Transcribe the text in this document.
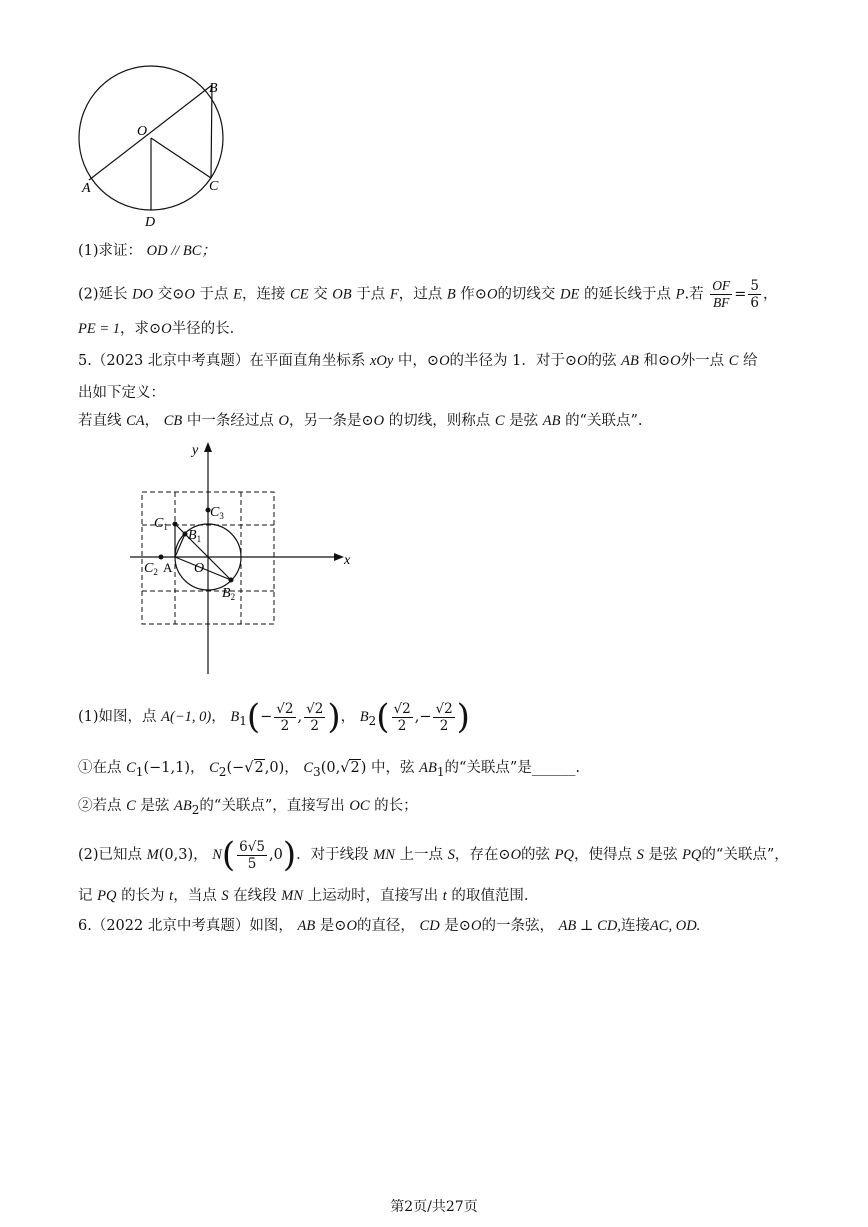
B
O
A	C
D
(1)求证： OD // BC；
(2)延长 DO 交⊙O 于点 E，连接 CE 交 OB 于点 F，过点 B 作⊙O的切线交 DE 的延长线于点 P.若 $\frac{OF}{BF} = \frac{5}{6}$ ，
PE = 1，求⊙O半径的长.
5.（2023 北京中考真题）在平面直角坐标系 xOy 中，⊙O的半径为 1．对于⊙O的弦 AB 和⊙O外一点 C 给
出如下定义：
若直线 CA， CB 中一条经过点 O，另一条是⊙O 的切线，则称点 C 是弦 AB 的“关联点”.
y
x
O
A
$C_1$
$B_1$
$C_3$
$C_2$
$B_2$
(1)如图，点 A(−1, 0)， $B_1(- \frac{√2}{2}$ , $\frac{√2}{2}$ )， $B_2( \frac{√2}{2}$ ,− $\frac{√2}{2}$ )
①在点 $C_1(-1,1)$， $C_2(-√2,0)$， $C_3(0,√2)$ 中，弦 $AB_1$的“关联点”是______.
②若点 C 是弦 $AB_2$的“关联点”，直接写出 OC 的长；
(2)已知点 M(0,3)， $N( \frac{6√5}{5} ,0)$．对于线段 MN 上一点 S，存在⊙O的弦 PQ，使得点 S 是弦 PQ的“关联点”，
记 PQ 的长为 t，当点 S 在线段 MN 上运动时，直接写出 t 的取值范围.
6.（2022 北京中考真题）如图， AB 是⊙O的直径， CD 是⊙O的一条弦， AB ⊥ CD,连接AC, OD.
第2页/共27页
